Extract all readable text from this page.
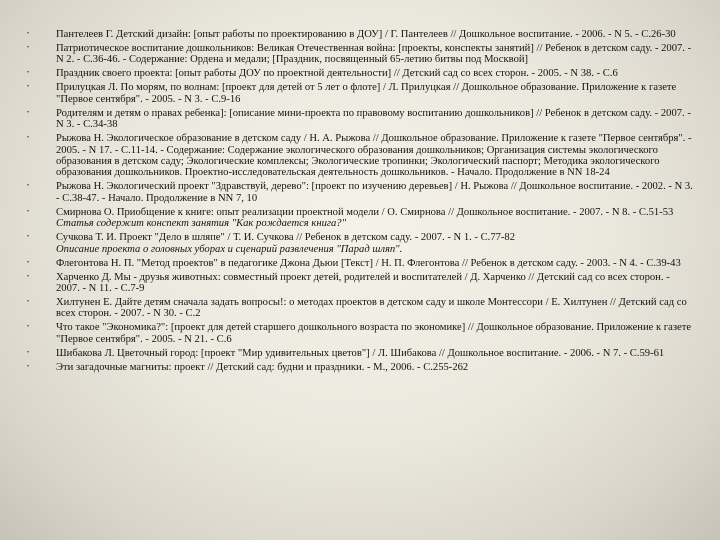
•	Пантелеев Г. Детский дизайн: [опыт работы по проектированию в ДОУ] / Г. Пантелеев // Дошкольное воспитание. - 2006. - N 5. - С.26-30
•	Патриотическое воспитание дошкольников: Великая Отечественная война: [проекты, конспекты занятий] // Ребенок в детском саду. - 2007. - N 2. - С.36-46. - Содержание: Ордена и медали; [Праздник, посвященный 65-летию битвы под Москвой]
•	Праздник своего проекта: [опыт работы ДОУ по проектной деятельности] // Детский сад со всех сторон. - 2005. - N 38. - С.6
•	Прилуцкая Л. По морям, по волнам: [проект для детей от 5 лет о флоте] / Л. Прилуцкая // Дошкольное образование. Приложение к газете "Первое сентября". - 2005. - N 3. - С.9-16
•	Родителям и детям о правах ребенка]: [описание мини-проекта по правовому воспитанию дошкольников] // Ребенок в детском саду. - 2007. - N 3. - С.34-38
•	Рыжова Н. Экологическое образование в детском саду / Н. А. Рыжова // Дошкольное образование. Приложение к газете "Первое сентября". - 2005. - N 17. - С.11-14. - Содержание: Содержание экологического образования дошкольников; Организация системы экологического образования в детском саду; Экологические комплексы; Экологические тропинки; Экологический паспорт; Методика экологического образования дошкольников. Проектно-исследовательская деятельность дошкольников. - Начало. Продолжение в NN 18-24
•	Рыжова Н. Экологический проект "Здравствуй, дерево": [проект по изучению деревьев] / Н. Рыжова // Дошкольное воспитание. - 2002. - N 3. - С.38-47. - Начало. Продолжение в NN 7, 10
•	Смирнова О. Приобщение к книге: опыт реализации проектной модели / О. Смирнова // Дошкольное воспитание. - 2007. - N 8. - С.51-53
Статья содержит конспект занятия "Как рождается книга?"
•	Сучкова Т. И. Проект "Дело в шляпе" / Т. И. Сучкова // Ребенок в детском саду. - 2007. - N 1. - С.77-82
Описание проекта о головных уборах и сценарий развлечения "Парад шляп".
•	Флегонтова Н. П. "Метод проектов" в педагогике Джона Дьюи [Текст] / Н. П. Флегонтова // Ребенок в детском саду. - 2003. - N 4. - С.39-43
•	Харченко Д. Мы - друзья животных: совместный проект детей, родителей и воспитателей / Д. Харченко // Детский сад со всех сторон. - 2007. - N 11. - С.7-9
•	Хилтунен Е. Дайте детям сначала задать вопросы!: о методах проектов в детском саду и школе Монтессори / Е. Хилтунен // Детский сад со всех сторон. - 2007. - N 30. - С.2
•	Что такое "Экономика?": [проект для детей старшего дошкольного возраста по экономике] // Дошкольное образование. Приложение к газете "Первое сентября". - 2005. - N 21. - С.6
•	Шибакова Л. Цветочный город: [проект "Мир удивительных цветов"] / Л. Шибакова // Дошкольное воспитание. - 2006. - N 7. - С.59-61
•	Эти загадочные магниты: проект // Детский сад: будни и праздники. - М., 2006. - С.255-262
